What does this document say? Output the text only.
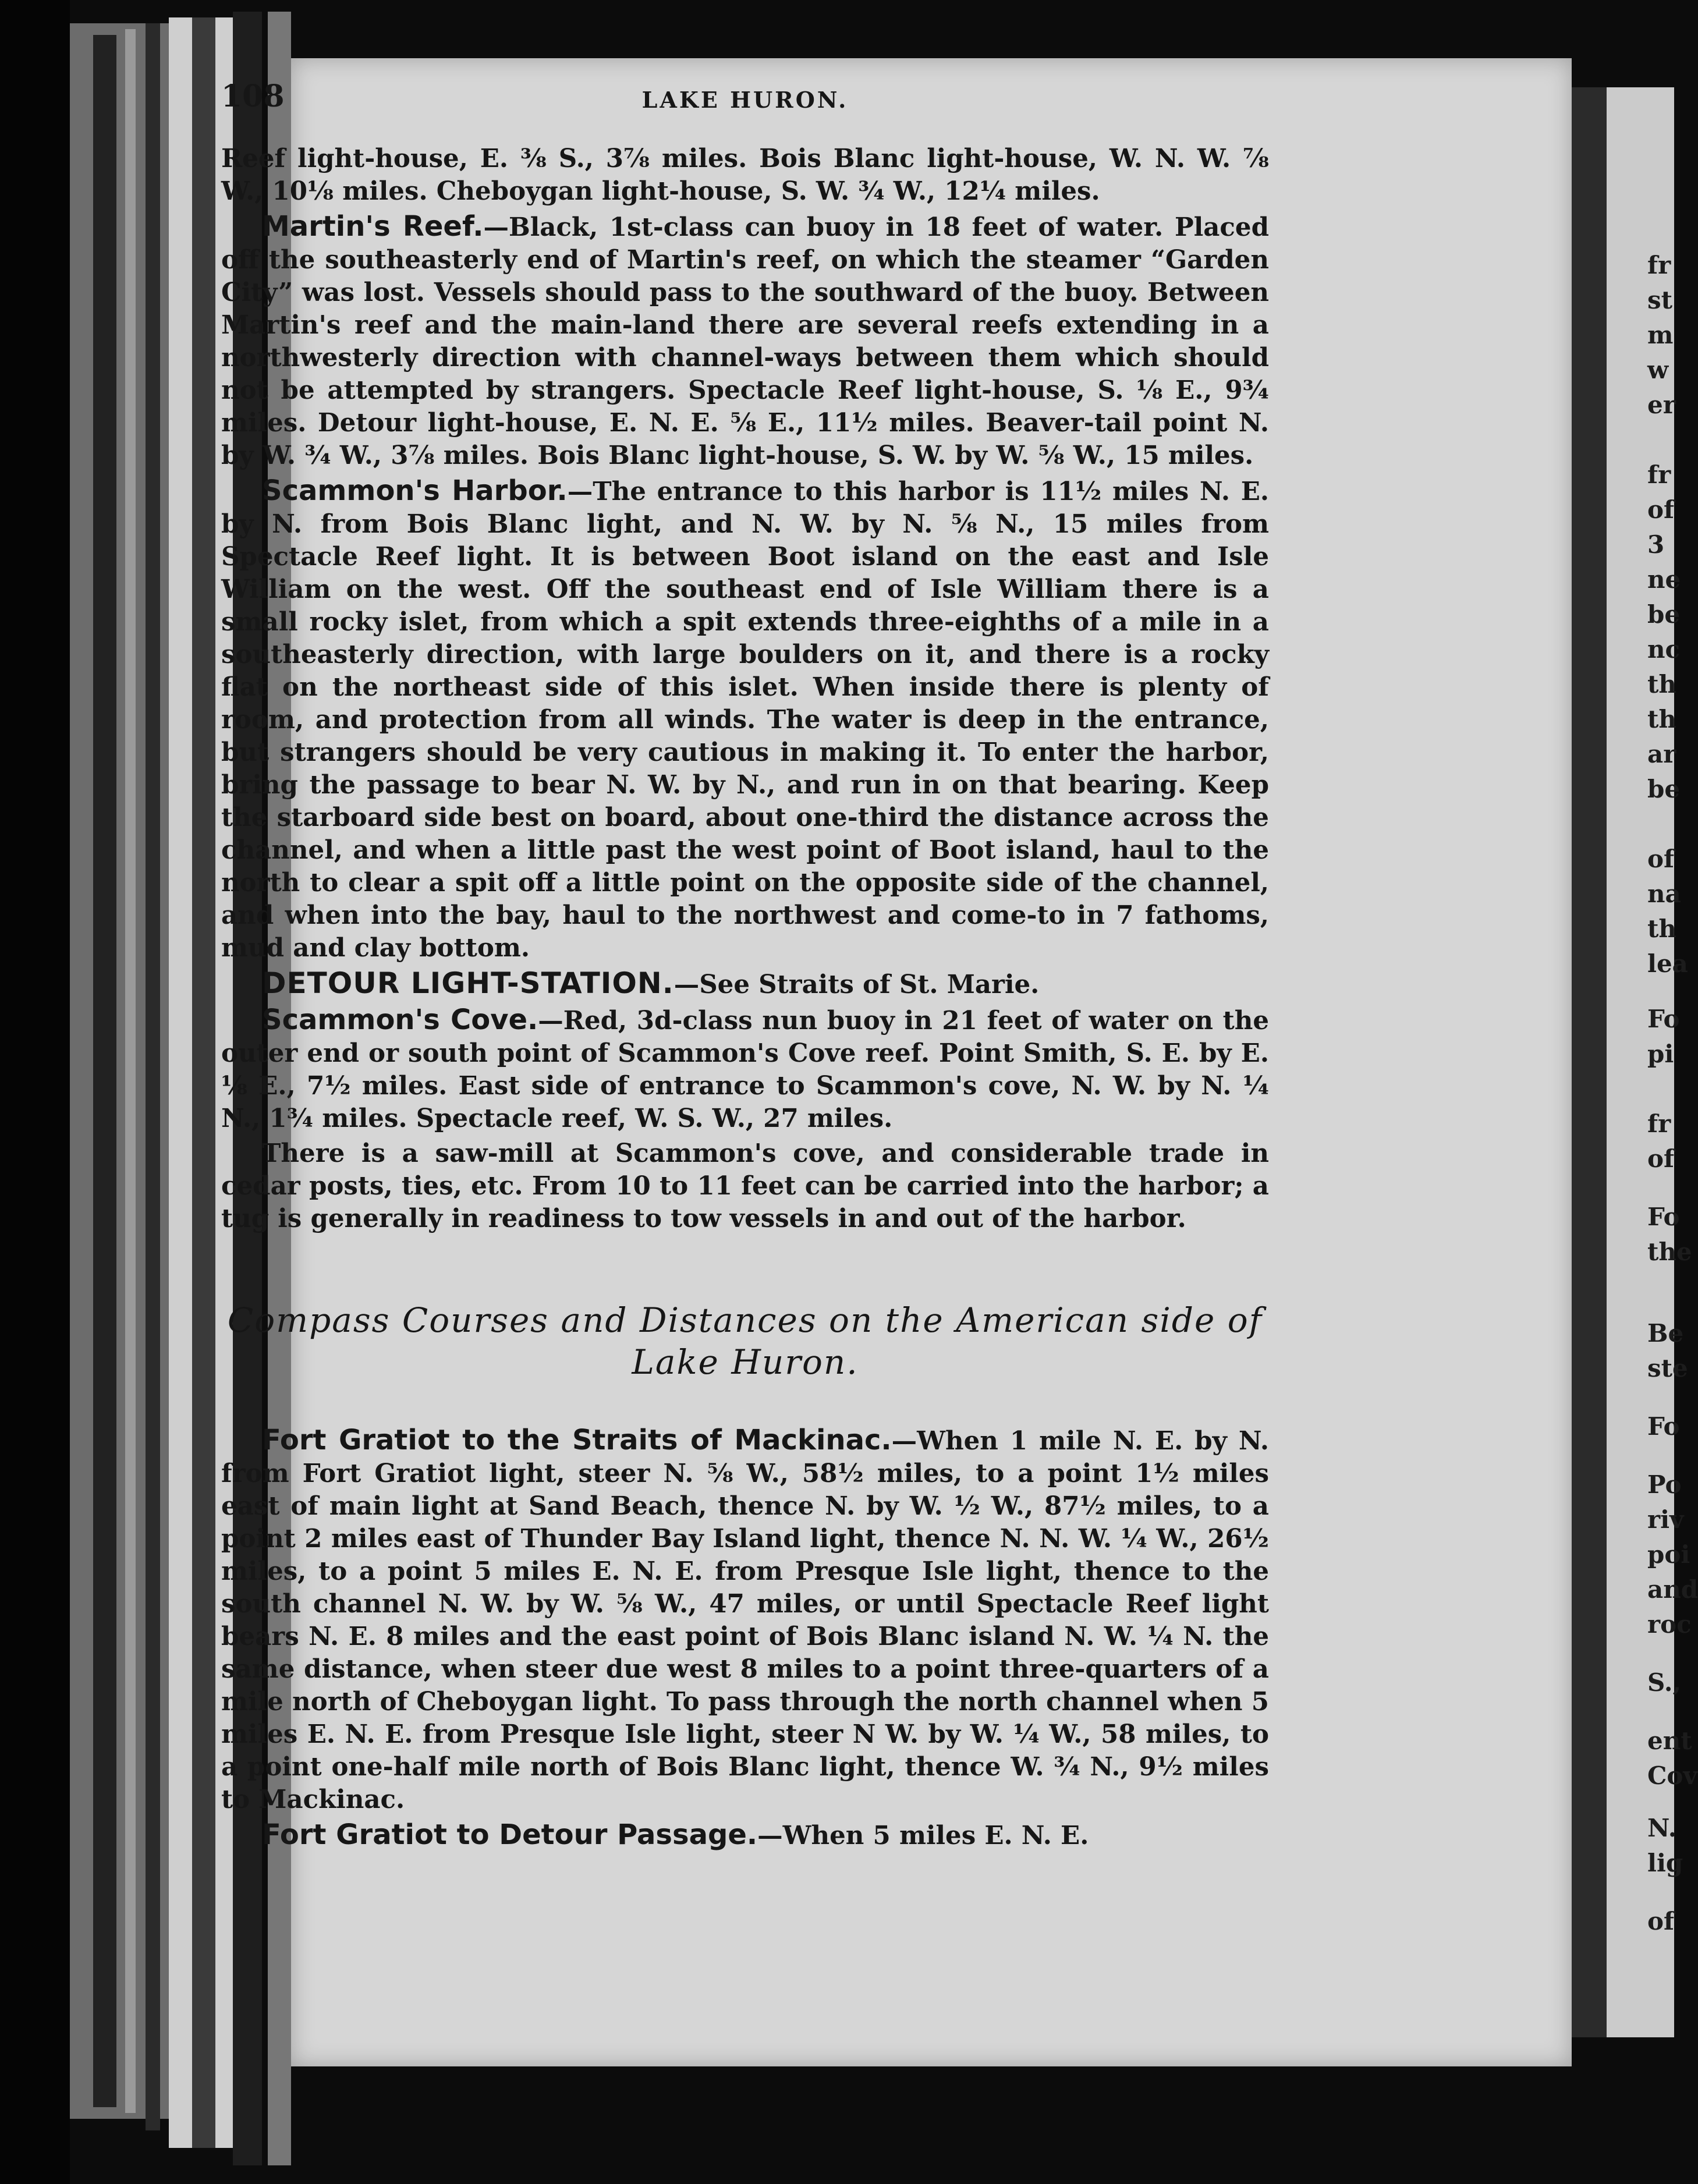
108	LAKE HURON.

Reef light-house, E. ⅜ S., 3⅞ miles. Bois Blanc light-house, W. N. W. ⅞ W., 10⅛ miles. Cheboygan light-house, S. W. ¾ W., 12¼ miles.

Martin's Reef.—Black, 1st-class can buoy in 18 feet of water. Placed off the southeasterly end of Martin's reef, on which the steamer “Garden City” was lost. Vessels should pass to the southward of the buoy. Between Martin's reef and the main-land there are several reefs extending in a northwesterly direction with channel-ways between them which should not be attempted by strangers. Spectacle Reef light-house, S. ⅛ E., 9¾ miles. Detour light-house, E. N. E. ⅝ E., 11½ miles. Beaver-tail point N. by W. ¾ W., 3⅞ miles. Bois Blanc light-house, S. W. by W. ⅝ W., 15 miles.

Scammon's Harbor.—The entrance to this harbor is 11½ miles N. E. by N. from Bois Blanc light, and N. W. by N. ⅝ N., 15 miles from Spectacle Reef light. It is between Boot island on the east and Isle William on the west. Off the southeast end of Isle William there is a small rocky islet, from which a spit extends three-eighths of a mile in a southeasterly direction, with large boulders on it, and there is a rocky flat on the northeast side of this islet. When inside there is plenty of room, and protection from all winds. The water is deep in the entrance, but strangers should be very cautious in making it. To enter the harbor, bring the passage to bear N. W. by N., and run in on that bearing. Keep the starboard side best on board, about one-third the distance across the channel, and when a little past the west point of Boot island, haul to the north to clear a spit off a little point on the opposite side of the channel, and when into the bay, haul to the northwest and come-to in 7 fathoms, mud and clay bottom.

DETOUR LIGHT-STATION.—See Straits of St. Marie.

Scammon's Cove.—Red, 3d-class nun buoy in 21 feet of water on the outer end or south point of Scammon's Cove reef. Point Smith, S. E. by E. ⅛ E., 7½ miles. East side of entrance to Scammon's cove, N. W. by N. ¼ N., 1¾ miles. Spectacle reef, W. S. W., 27 miles.

There is a saw-mill at Scammon's cove, and considerable trade in cedar posts, ties, etc. From 10 to 11 feet can be carried into the harbor; a tug is generally in readiness to tow vessels in and out of the harbor.

Compass Courses and Distances on the American side of Lake Huron.

Fort Gratiot to the Straits of Mackinac.—When 1 mile N. E. by N. from Fort Gratiot light, steer N. ⅝ W., 58½ miles, to a point 1½ miles east of main light at Sand Beach, thence N. by W. ½ W., 87½ miles, to a point 2 miles east of Thunder Bay Island light, thence N. N. W. ¼ W., 26½ miles, to a point 5 miles E. N. E. from Presque Isle light, thence to the south channel N. W. by W. ⅝ W., 47 miles, or until Spectacle Reef light bears N. E. 8 miles and the east point of Bois Blanc island N. W. ¼ N. the same distance, when steer due west 8 miles to a point three-quarters of a mile north of Cheboygan light. To pass through the north channel when 5 miles E. N. E. from Presque Isle light, steer N W. by W. ¼ W., 58 miles, to a point one-half mile north of Bois Blanc light, thence W. ¾ N., 9½ miles to Mackinac.

Fort Gratiot to Detour Passage.—When 5 miles E. N. E.

fr
st
m
w
er
fr
of
3
ne
be
nc
th
th
ar
be
of
na
th
lea
Fo
pi
fr
of
Fo
the
Be
ste
Fo
Po
riv
poi
and
roc
S.,
ent
Cov
N.
lig
of
